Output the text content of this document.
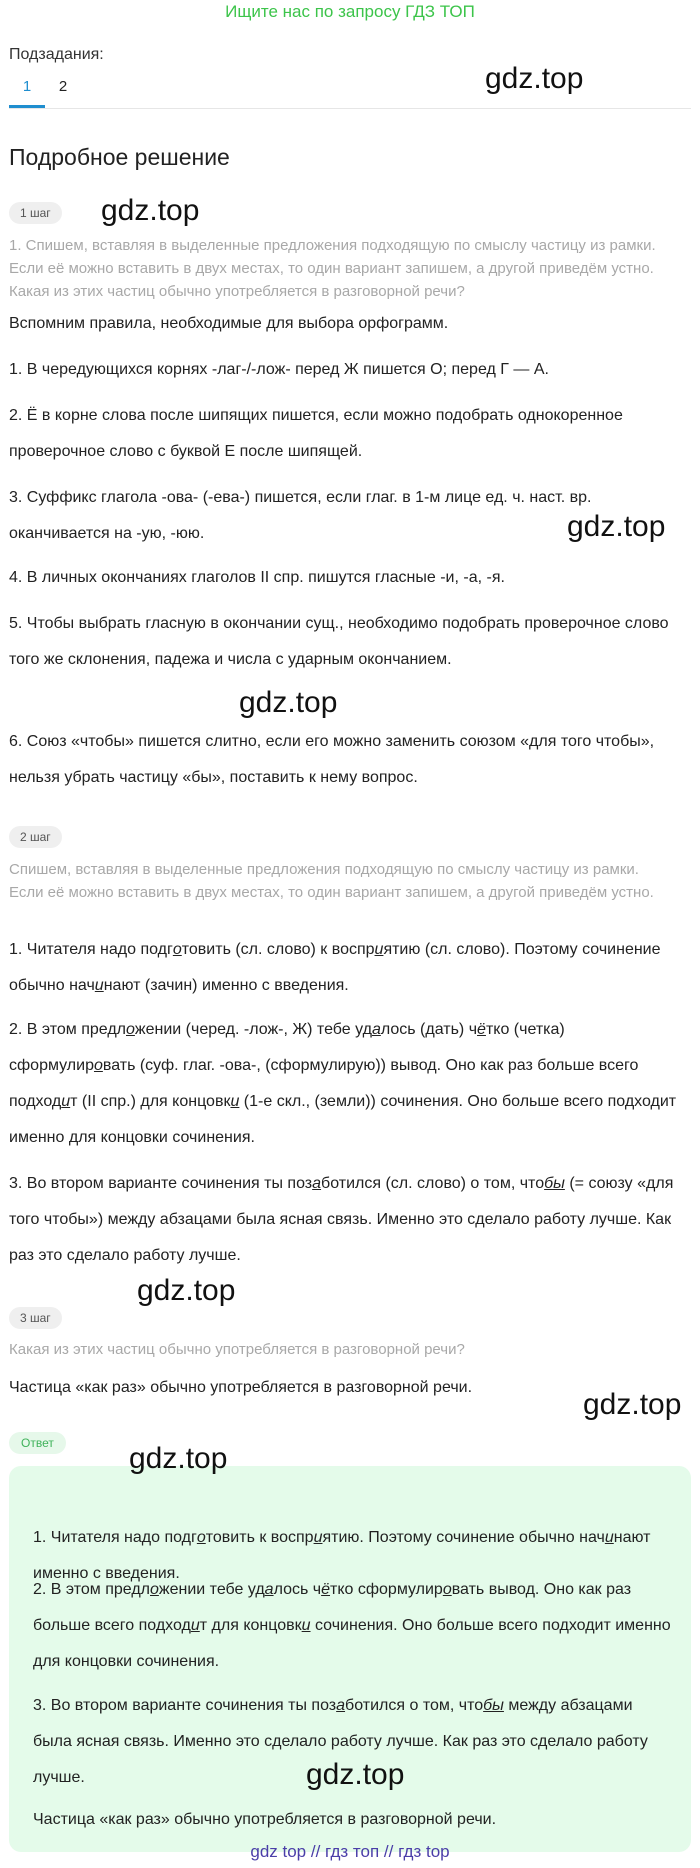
Ищите нас по запросу ГДЗ ТОП
Подзадания:
1	2	gdz.top
Подробное решение
1 шаг	gdz.top
1. Спишем, вставляя в выделенные предложения подходящую по смыслу частицу из рамки. Если её можно вставить в двух местах, то один вариант запишем, а другой приведём устно. Какая из этих частиц обычно употребляется в разговорной речи?
Вспомним правила, необходимые для выбора орфограмм.
1. В чередующихся корнях -лаг-/-лож- перед Ж пишется О; перед Г — А.
2. Ё в корне слова после шипящих пишется, если можно подобрать однокоренное проверочное слово с буквой Е после шипящей.
3. Суффикс глагола -ова- (-ева-) пишется, если глаг. в 1-м лице ед. ч. наст. вр. оканчивается на -ую, -юю.	gdz.top
4. В личных окончаниях глаголов II спр. пишутся гласные -и, -а, -я.
5. Чтобы выбрать гласную в окончании сущ., необходимо подобрать проверочное слово того же склонения, падежа и числа с ударным окончанием.
gdz.top
6. Союз «чтобы» пишется слитно, если его можно заменить союзом «для того чтобы», нельзя убрать частицу «бы», поставить к нему вопрос.
2 шаг
Спишем, вставляя в выделенные предложения подходящую по смыслу частицу из рамки. Если её можно вставить в двух местах, то один вариант запишем, а другой приведём устно.
1. Читателя надо подготовить (сл. слово) к восприятию (сл. слово). Поэтому сочинение обычно начинают (зачин) именно с введения.
2. В этом предложении (черед. -лож-, Ж) тебе удалось (дать) чётко (четка) сформулировать (суф. глаг. -ова-, (сформулирую)) вывод. Оно как раз больше всего подходит (II спр.) для концовки (1-е скл., (земли)) сочинения. Оно больше всего подходит именно для концовки сочинения.
3. Во втором варианте сочинения ты позаботился (сл. слово) о том, чтобы (= союзу «для того чтобы») между абзацами была ясная связь. Именно это сделало работу лучше. Как раз это сделало работу лучше.
gdz.top
3 шаг
Какая из этих частиц обычно употребляется в разговорной речи?
Частица «как раз» обычно употребляется в разговорной речи.
gdz.top
Ответ	gdz.top
1. Читателя надо подготовить к восприятию. Поэтому сочинение обычно начинают именно с введения.
2. В этом предложении тебе удалось чётко сформулировать вывод. Оно как раз больше всего подходит для концовки сочинения. Оно больше всего подходит именно для концовки сочинения.
3. Во втором варианте сочинения ты позаботился о том, чтобы между абзацами была ясная связь. Именно это сделало работу лучше. Как раз это сделало работу лучше.	gdz.top
Частица «как раз» обычно употребляется в разговорной речи.
gdz top // гдз топ // гдз top
